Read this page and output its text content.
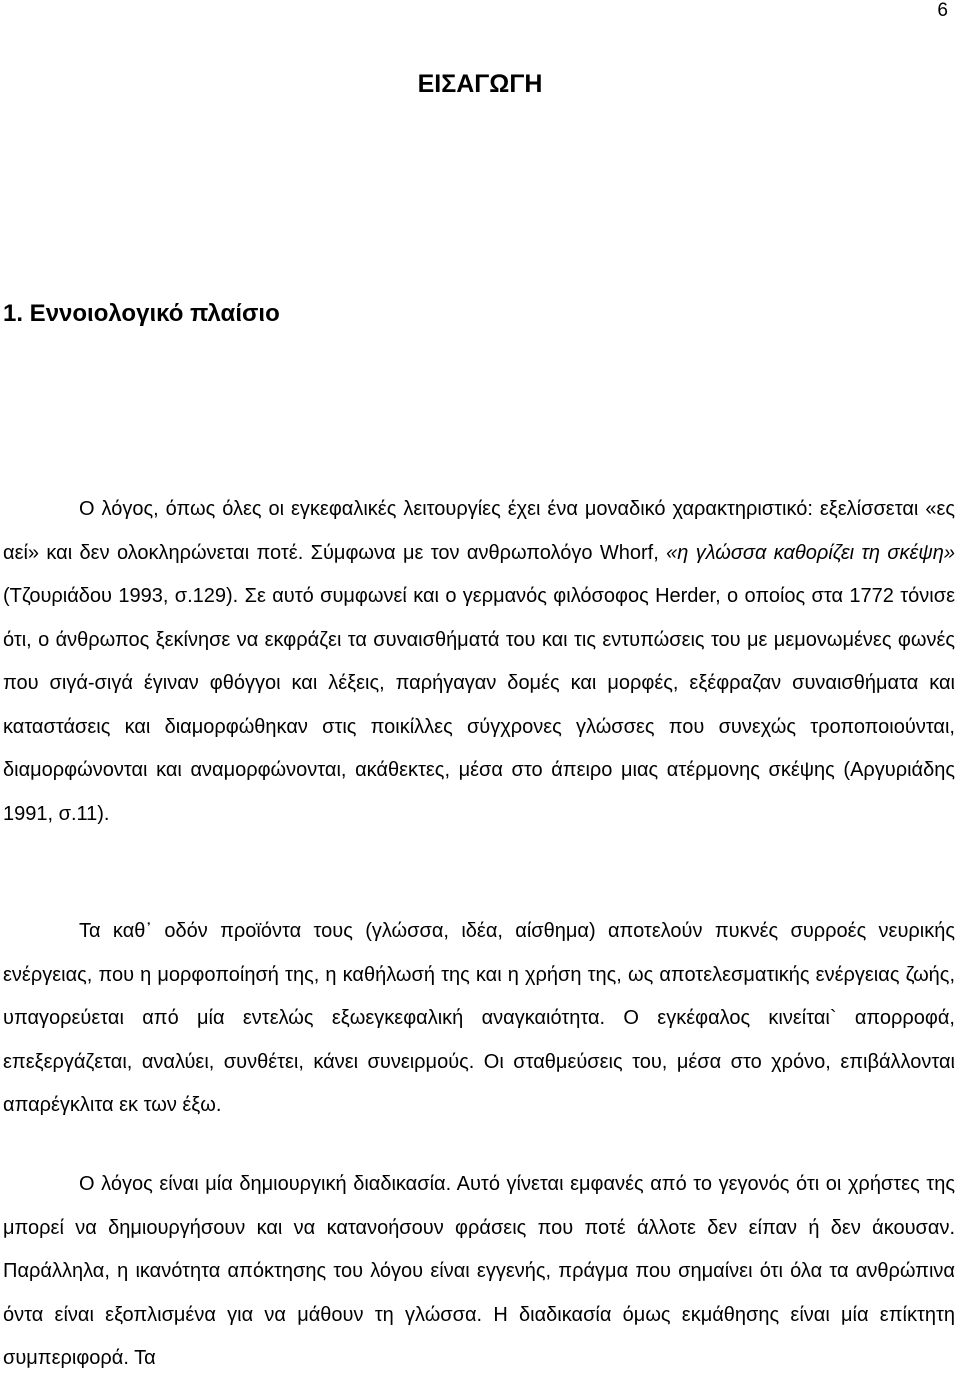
6
ΕΙΣΑΓΩΓΗ
1. Εννοιολογικό πλαίσιο

Ο λόγος, όπως όλες οι εγκεφαλικές λειτουργίες έχει ένα μοναδικό χαρακτηριστικό: εξελίσσεται «ες αεί» και δεν ολοκληρώνεται ποτέ. Σύμφωνα με τον ανθρωπολόγο Whorf, «η γλώσσα καθορίζει τη σκέψη» (Τζουριάδου 1993, σ.129). Σε αυτό συμφωνεί και ο γερμανός φιλόσοφος Herder, ο οποίος στα 1772 τόνισε ότι, ο άνθρωπος ξεκίνησε να εκφράζει τα συναισθήματά του και τις εντυπώσεις του με μεμονωμένες φωνές που σιγά-σιγά έγιναν φθόγγοι και λέξεις, παρήγαγαν δομές και μορφές, εξέφραζαν συναισθήματα και καταστάσεις και διαμορφώθηκαν στις ποικίλλες σύγχρονες γλώσσες που συνεχώς τροποποιούνται, διαμορφώνονται και αναμορφώνονται, ακάθεκτες, μέσα στο άπειρο μιας ατέρμονης σκέψης (Αργυριάδης 1991, σ.11).

Τα καθ᾽ οδόν προϊόντα τους (γλώσσα, ιδέα, αίσθημα) αποτελούν πυκνές συρροές νευρικής ενέργειας, που η μορφοποίησή της, η καθήλωσή της και η χρήση της, ως αποτελεσματικής ενέργειας ζωής, υπαγορεύεται από μία εντελώς εξωεγκεφαλική αναγκαιότητα. Ο εγκέφαλος κινείται` απορροφά, επεξεργάζεται, αναλύει, συνθέτει, κάνει συνειρμούς. Οι σταθμεύσεις του, μέσα στο χρόνο, επιβάλλονται απαρέγκλιτα εκ των έξω.

Ο λόγος είναι μία δημιουργική διαδικασία. Αυτό γίνεται εμφανές από το γεγονός ότι οι χρήστες της μπορεί να δημιουργήσουν και να κατανοήσουν φράσεις που ποτέ άλλοτε δεν είπαν ή δεν άκουσαν. Παράλληλα, η ικανότητα απόκτησης του λόγου είναι εγγενής, πράγμα που σημαίνει ότι όλα τα ανθρώπινα όντα είναι εξοπλισμένα για να μάθουν τη γλώσσα. Η διαδικασία όμως εκμάθησης είναι μία επίκτητη συμπεριφορά. Τα
